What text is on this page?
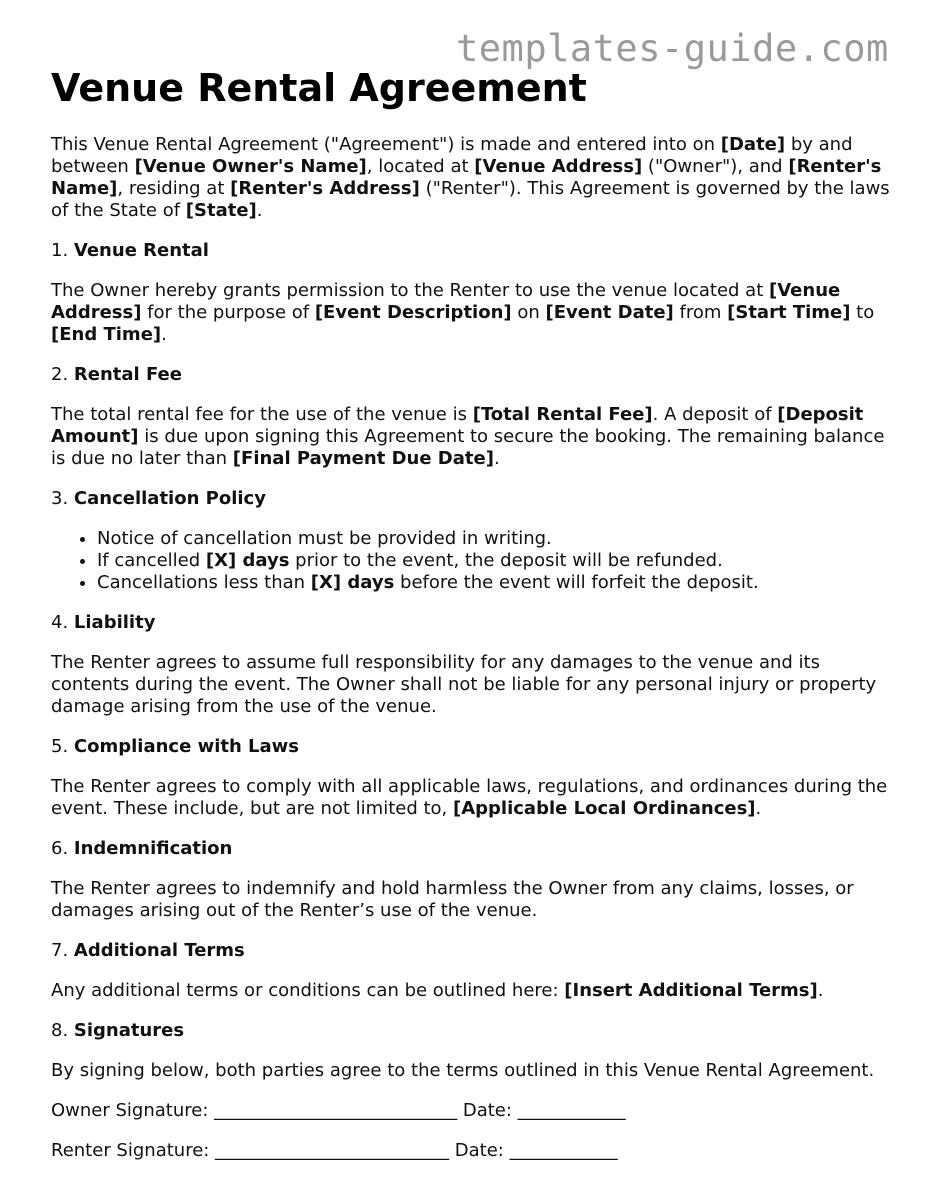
templates-guide.com
Venue Rental Agreement

This Venue Rental Agreement ("Agreement") is made and entered into on [Date] by and between [Venue Owner's Name], located at [Venue Address] ("Owner"), and [Renter's Name], residing at [Renter's Address] ("Renter"). This Agreement is governed by the laws of the State of [State].

1. Venue Rental

The Owner hereby grants permission to the Renter to use the venue located at [Venue Address] for the purpose of [Event Description] on [Event Date] from [Start Time] to [End Time].

2. Rental Fee

The total rental fee for the use of the venue is [Total Rental Fee]. A deposit of [Deposit Amount] is due upon signing this Agreement to secure the booking. The remaining balance is due no later than [Final Payment Due Date].

3. Cancellation Policy

• Notice of cancellation must be provided in writing.
• If cancelled [X] days prior to the event, the deposit will be refunded.
• Cancellations less than [X] days before the event will forfeit the deposit.

4. Liability

The Renter agrees to assume full responsibility for any damages to the venue and its contents during the event. The Owner shall not be liable for any personal injury or property damage arising from the use of the venue.

5. Compliance with Laws

The Renter agrees to comply with all applicable laws, regulations, and ordinances during the event. These include, but are not limited to, [Applicable Local Ordinances].

6. Indemnification

The Renter agrees to indemnify and hold harmless the Owner from any claims, losses, or damages arising out of the Renter’s use of the venue.

7. Additional Terms

Any additional terms or conditions can be outlined here: [Insert Additional Terms].

8. Signatures

By signing below, both parties agree to the terms outlined in this Venue Rental Agreement.

Owner Signature: ___________________________ Date: ____________

Renter Signature: __________________________ Date: ____________
